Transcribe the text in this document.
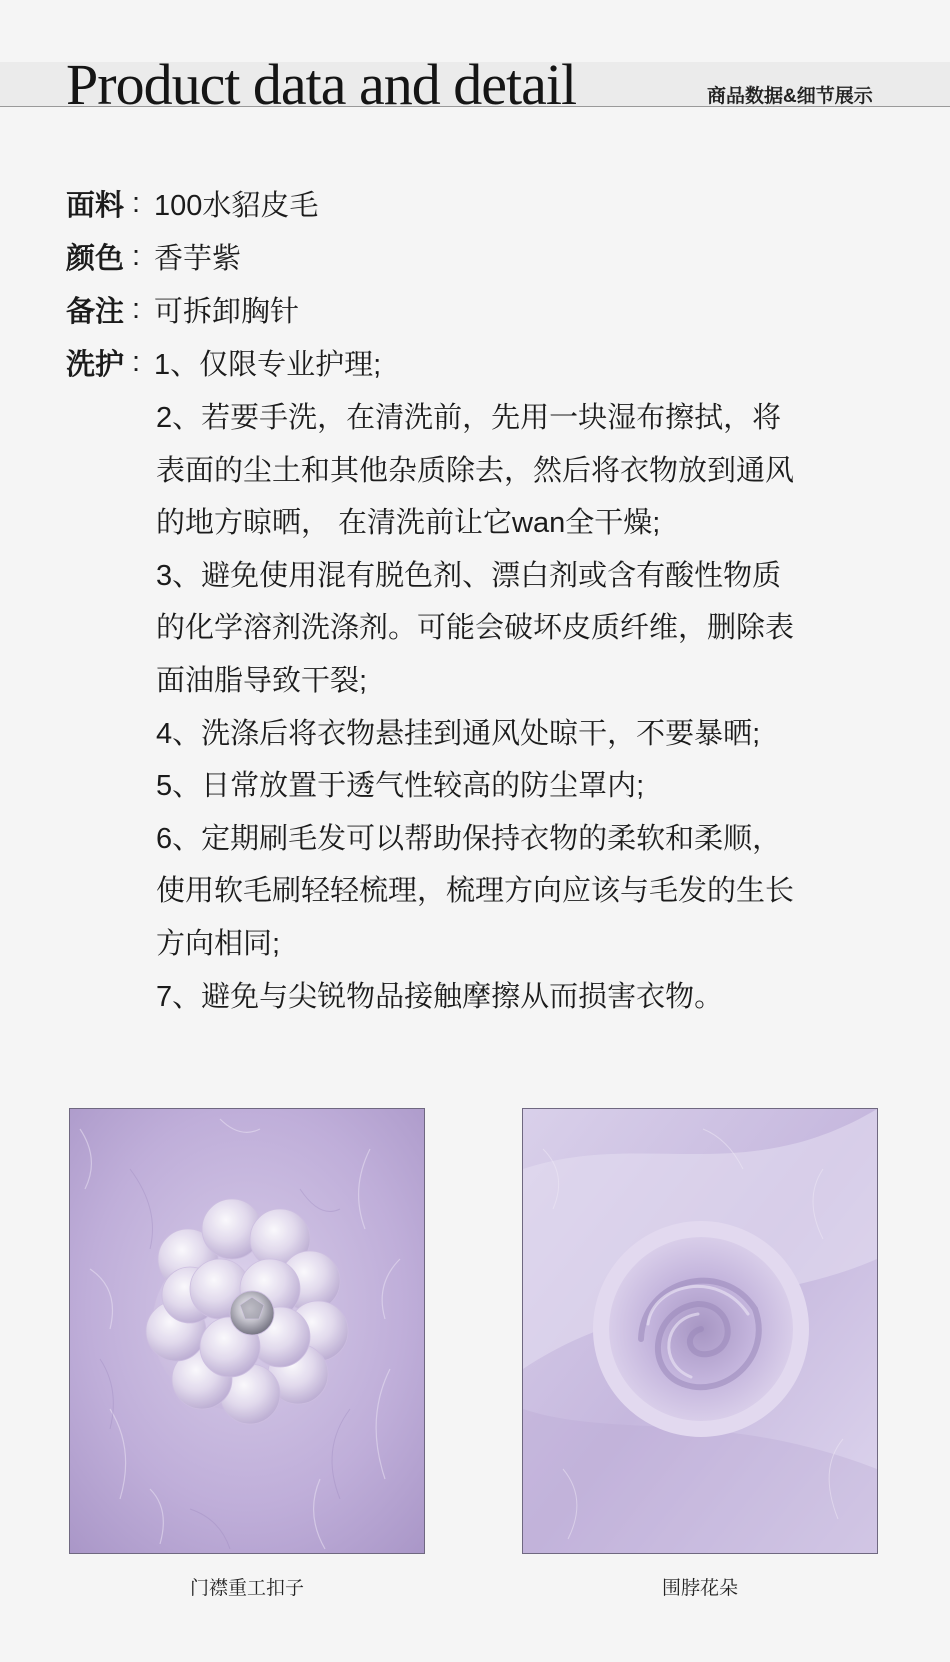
Product data and detail	商品数据&细节展示
面料 : 100水貂皮毛
颜色 : 香芋紫
备注 : 可拆卸胸针
洗护 : 1、仅限专业护理;
2、若要手洗，在清洗前，先用一块湿布擦拭，将
表面的尘土和其他杂质除去，然后将衣物放到通风
的地方晾晒， 在清洗前让它wan全干燥;
3、避免使用混有脱色剂、漂白剂或含有酸性物质
的化学溶剂洗涤剂。可能会破坏皮质纤维，删除表
面油脂导致干裂;
4、洗涤后将衣物悬挂到通风处晾干，不要暴晒;
5、日常放置于透气性较高的防尘罩内;
6、定期刷毛发可以帮助保持衣物的柔软和柔顺，
使用软毛刷轻轻梳理，梳理方向应该与毛发的生长
方向相同;
7、避免与尖锐物品接触摩擦从而损害衣物。
门襟重工扣子	围脖花朵
